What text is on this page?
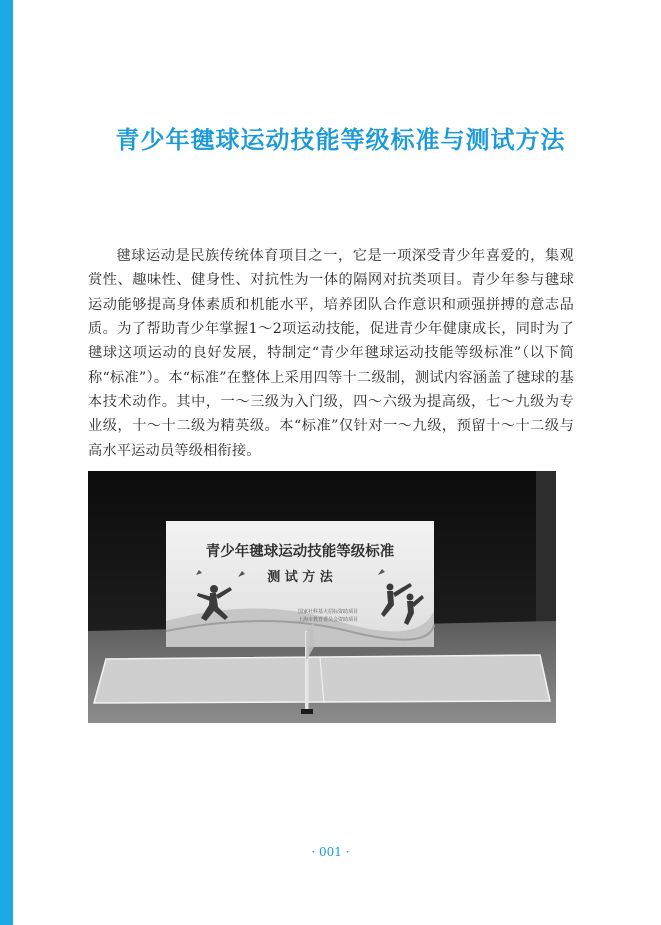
青少年毽球运动技能等级标准与测试方法

毽球运动是民族传统体育项目之一，它是一项深受青少年喜爱的，集观赏性、趣味性、健身性、对抗性为一体的隔网对抗类项目。青少年参与毽球运动能够提高身体素质和机能水平，培养团队合作意识和顽强拼搏的意志品质。为了帮助青少年掌握1～2项运动技能，促进青少年健康成长，同时为了毽球这项运动的良好发展，特制定“青少年毽球运动技能等级标准”（以下简称“标准”）。本“标准”在整体上采用四等十二级制，测试内容涵盖了毽球的基本技术动作。其中，一～三级为入门级，四～六级为提高级，七～九级为专业级，十～十二级为精英级。本“标准”仅针对一～九级，预留十～十二级与高水平运动员等级相衔接。

青少年毽球运动技能等级标准
测 试 方 法
国家社科基大招标资助项目
上海市教育委员会资助项目
· 001 ·
